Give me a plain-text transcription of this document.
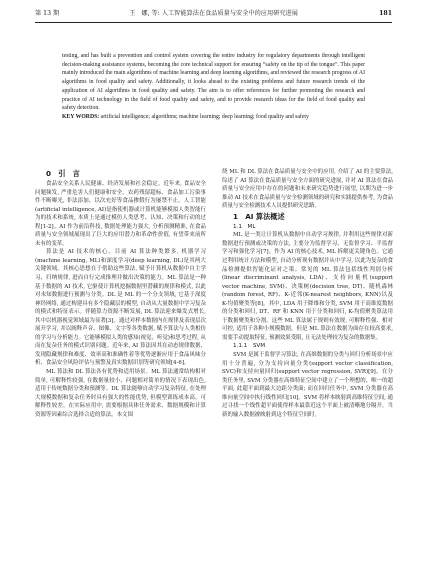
第 13 期	王　娜, 等: 人工智能算法在食品质量与安全中的应用研究进展	181

testing, and has built a prevention and control system covering the entire industry for regulatory departments through intelligent decision-making assistance systems, becoming the core technical support for ensuring “safety on the tip of the tongue”. This paper mainly introduced the main algorithms of machine learning and deep learning algorithms, and reviewed the research progress of AI algorithms in food quality and safety. Additionally, it looks ahead to the existing problems and future research trends of the application of AI algorithms in food quality and safety. The aim is to offer references for further promoting the research and practice of AI technology in the field of food quality and safety, and to provide research ideas for the field of food quality and safety detection.

KEY WORDS: artificial intelligence; algorithms; machine learning; deep learning; food quality and safety

0　引　言

食品安全关系人民健康、经济发展和社会稳定。近年来, 食品安全问题频发, 严重危害人们健康和安全。农药残留超标、食品加工污染事件不断曝光, 非法添加、以次充好等食品掺假行为屡禁不止。人工智能(artificial intelligence, AI)是指使机器或计算机能够模拟人类智能行为的技术和系统, 本质上是通过模仿人类思考、认知、决策和行动的过程[1-2]。AI 作为前沿科技, 数据处理能力强大, 分析预测精准, 在食品质量与安全领域展现出了巨大的应用潜力和革命性价值, 有望带来前所未有的变革。

算法是 AI 技术的核心。目前 AI 算法种类繁多, 机器学习(machine learning, ML)和深度学习(deep learning, DL)是其两大关键领域。其核心思想在于借助这些算法, 赋予计算机从数据中自主学习、归纳规律, 进而自行完成推理并做出决策的能力。ML 算法是一种基于数据的 AI 技术, 它驱使计算机挖掘数据里潜藏的规律和模式, 以此对未知数据进行预测与分类。DL 是 ML 的一个分支领域, 它基于深度神经网络, 通过构建具有多个隐藏层的模型, 自动从大量数据中学习复杂的模式和特征表示。伴随算力资源不断发展, DL 算法迎来爆发式增长, 其中以机器视觉领域最为显著[3]。通过对样本数据内在规律及表现层次展开学习, 并以阐释声音、图像、文字等各类数据, 赋予算法与人类相仿的学习与分析能力。它能够模拟人类的感知(视觉、听觉)和思考过程, 从而在复杂任务的模式识别问题。近年来, AI 算法因其在动态规律数据、发现隐藏规律和难度、效率高和准确性着等优势逐渐应用于食品风味分析、食品安全风险评估与预警及真实数据识别等研究领域[4-6]。

ML 算法和 DL 算法各有优势和适用场景。ML 算法通常结构相对简单, 可解释性较强, 在数据量较小、问题相对简单的情况下表现出色, 适用于传统数据分类和预测等。DL 算法能够自动学习复杂特征, 在处理大规模数据和复杂任务时具有强大的性能优势, 但模型训练成本高、可解释性较差。在实际应用中, 需要根据具体任务需求、数据规模和计算资源等因素综合选择合适的算法。本文围

绕 ML 和 DL 算法在食品质量与安全中的应用, 介绍了 AI 的主要算法, 综述了 AI 算法在食品质量与安全方面的研究进展, 并对 AI 算法在食品质量与安全应用中存在的问题和未来研究趋势进行展望, 以期为进一步推动 AI 技术在食品质量与安全检测领域的研究和实践提供参考, 为食品质量与安全检测技术人员提供研究思路。

1　AI 算法概述

1.1　ML

ML 是一类让计算机从数据中自动学习规律, 并利用这些规律对新数据进行预测或决策的方法, 主要分为监督学习、无监督学习、半监督学习和强化学习[7]。作为 AI 的核心技术, ML 拆解更关键角色。它通过利用统计方法和模型, 自动分析现有数据并从中学习, 以此为复杂的食品检测提供智能化证对之策。常见的 ML 算法包括线性判别分析(linear discriminant analysis, LDA)、支持向量机(support vector machine, SVM)、决策树(decision tree, DT)、随机森林(random forest, RF)、K-近邻(K-nearest neighbors, KNN)以及 K-均值聚类等[8]。其中, LDA 用于降维和分类, SVM 用于高维度数据的分类和回归, DT、RF 和 KNN 用于分类和回归, K-均值聚类算法用于数据聚类和分割。这些 ML 算法属于规则有效规, 可解释性强、相对可控, 适用于各种小规模数据。但是 ML 算法在数据为面存在较高要求, 需要手动提取特征, 预测效果受限, 且无法处理较为复杂的数据集。

1.1.1　SVM

SVM 是属于监督学习算法, 在高维数据的分类与回归分析场景中应用十分普遍, 分为支持向量分类(support vector classification, SVC)和支持向量回归(support vector regression, SVR)[9]。在分类任务里, SVM 分类器在高维特征空间中建立了一个理想的、唯一的超平面, 此超平面到最大边距分类面; 而在回归任务中, SVM 分类器在高维向量空间中执行线性回归[10]。SVM 将样本映射到高维特征空间, 通过寻找一个线性超平面使得样本最靠近这个平面上被清晰地分隔开。当新的输入数据被映射到这个特征空间时,
